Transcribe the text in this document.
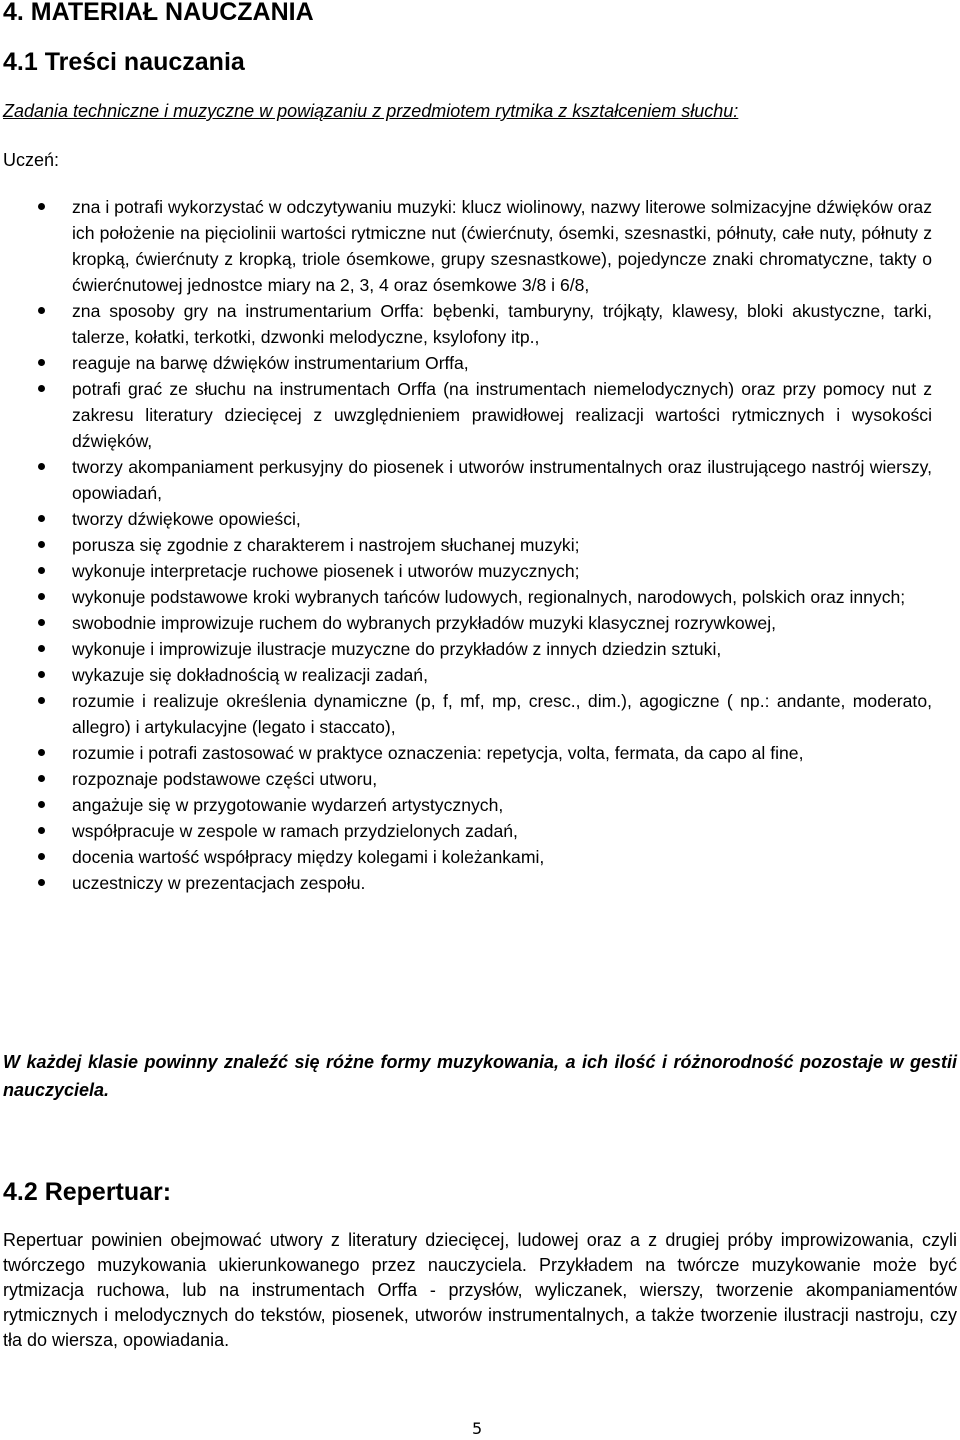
4. MATERIAŁ NAUCZANIA
4.1 Treści nauczania
Zadania techniczne i muzyczne w powiązaniu z przedmiotem rytmika z kształceniem słuchu:
Uczeń:
zna i potrafi wykorzystać w odczytywaniu muzyki: klucz wiolinowy, nazwy literowe solmizacyjne dźwięków oraz ich położenie na pięciolinii wartości rytmiczne nut (ćwierćnuty, ósemki, szesnastki, półnuty, całe nuty, półnuty z kropką, ćwierćnuty z kropką, triole ósemkowe, grupy szesnastkowe), pojedyncze znaki chromatyczne, takty o ćwierćnutowej jednostce miary na 2, 3, 4 oraz ósemkowe 3/8 i 6/8,
zna sposoby gry na instrumentarium Orffa: bębenki, tamburyny, trójkąty, klawesy, bloki akustyczne, tarki, talerze, kołatki, terkotki, dzwonki melodyczne, ksylofony itp.,
reaguje na barwę dźwięków instrumentarium Orffa,
potrafi grać ze słuchu na instrumentach Orffa (na instrumentach niemelodycznych) oraz przy pomocy nut z zakresu literatury dziecięcej z uwzględnieniem prawidłowej realizacji wartości rytmicznych i wysokości dźwięków,
tworzy akompaniament perkusyjny do piosenek i utworów instrumentalnych oraz ilustrującego nastrój wierszy, opowiadań,
tworzy dźwiękowe opowieści,
porusza się zgodnie z charakterem i nastrojem słuchanej muzyki;
wykonuje interpretacje ruchowe piosenek i utworów muzycznych;
wykonuje podstawowe kroki wybranych tańców ludowych, regionalnych, narodowych, polskich oraz innych;
swobodnie improwizuje ruchem do wybranych przykładów muzyki klasycznej rozrywkowej,
wykonuje i improwizuje ilustracje muzyczne do przykładów z innych dziedzin sztuki,
wykazuje się dokładnością w realizacji zadań,
rozumie i realizuje określenia dynamiczne (p, f, mf, mp, cresc., dim.), agogiczne ( np.: andante, moderato, allegro) i artykulacyjne (legato i staccato),
rozumie i potrafi zastosować w praktyce oznaczenia: repetycja, volta, fermata, da capo al fine,
rozpoznaje podstawowe części utworu,
angażuje się w przygotowanie wydarzeń artystycznych,
współpracuje w zespole w ramach przydzielonych zadań,
docenia wartość współpracy między kolegami i koleżankami,
uczestniczy w prezentacjach zespołu.
W każdej klasie powinny znaleźć się różne formy muzykowania, a ich ilość i różnorodność pozostaje w gestii nauczyciela.
4.2 Repertuar:

Repertuar powinien obejmować utwory z literatury dziecięcej, ludowej oraz a z drugiej próby improwizowania, czyli twórczego muzykowania ukierunkowanego przez nauczyciela. Przykładem na twórcze muzykowanie może być rytmizacja ruchowa, lub na instrumentach Orffa - przysłów, wyliczanek, wierszy, tworzenie akompaniamentów rytmicznych i melodycznych do tekstów, piosenek, utworów instrumentalnych, a także tworzenie ilustracji nastroju, czy tła do wiersza, opowiadania.

5
